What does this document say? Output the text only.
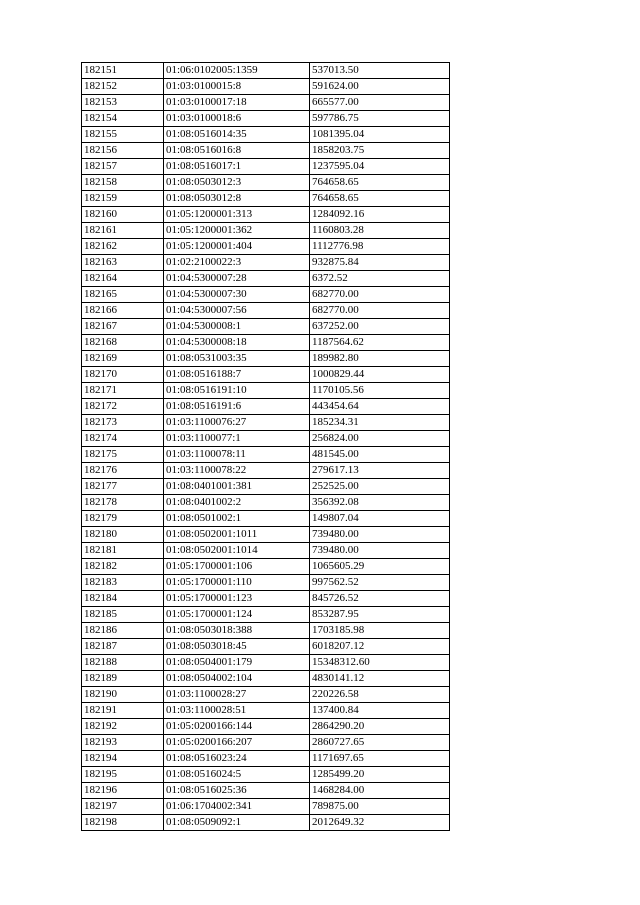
182151	01:06:0102005:1359	537013.50
182152	01:03:0100015:8	591624.00
182153	01:03:0100017:18	665577.00
182154	01:03:0100018:6	597786.75
182155	01:08:0516014:35	1081395.04
182156	01:08:0516016:8	1858203.75
182157	01:08:0516017:1	1237595.04
182158	01:08:0503012:3	764658.65
182159	01:08:0503012:8	764658.65
182160	01:05:1200001:313	1284092.16
182161	01:05:1200001:362	1160803.28
182162	01:05:1200001:404	1112776.98
182163	01:02:2100022:3	932875.84
182164	01:04:5300007:28	6372.52
182165	01:04:5300007:30	682770.00
182166	01:04:5300007:56	682770.00
182167	01:04:5300008:1	637252.00
182168	01:04:5300008:18	1187564.62
182169	01:08:0531003:35	189982.80
182170	01:08:0516188:7	1000829.44
182171	01:08:0516191:10	1170105.56
182172	01:08:0516191:6	443454.64
182173	01:03:1100076:27	185234.31
182174	01:03:1100077:1	256824.00
182175	01:03:1100078:11	481545.00
182176	01:03:1100078:22	279617.13
182177	01:08:0401001:381	252525.00
182178	01:08:0401002:2	356392.08
182179	01:08:0501002:1	149807.04
182180	01:08:0502001:1011	739480.00
182181	01:08:0502001:1014	739480.00
182182	01:05:1700001:106	1065605.29
182183	01:05:1700001:110	997562.52
182184	01:05:1700001:123	845726.52
182185	01:05:1700001:124	853287.95
182186	01:08:0503018:388	1703185.98
182187	01:08:0503018:45	6018207.12
182188	01:08:0504001:179	15348312.60
182189	01:08:0504002:104	4830141.12
182190	01:03:1100028:27	220226.58
182191	01:03:1100028:51	137400.84
182192	01:05:0200166:144	2864290.20
182193	01:05:0200166:207	2860727.65
182194	01:08:0516023:24	1171697.65
182195	01:08:0516024:5	1285499.20
182196	01:08:0516025:36	1468284.00
182197	01:06:1704002:341	789875.00
182198	01:08:0509092:1	2012649.32
